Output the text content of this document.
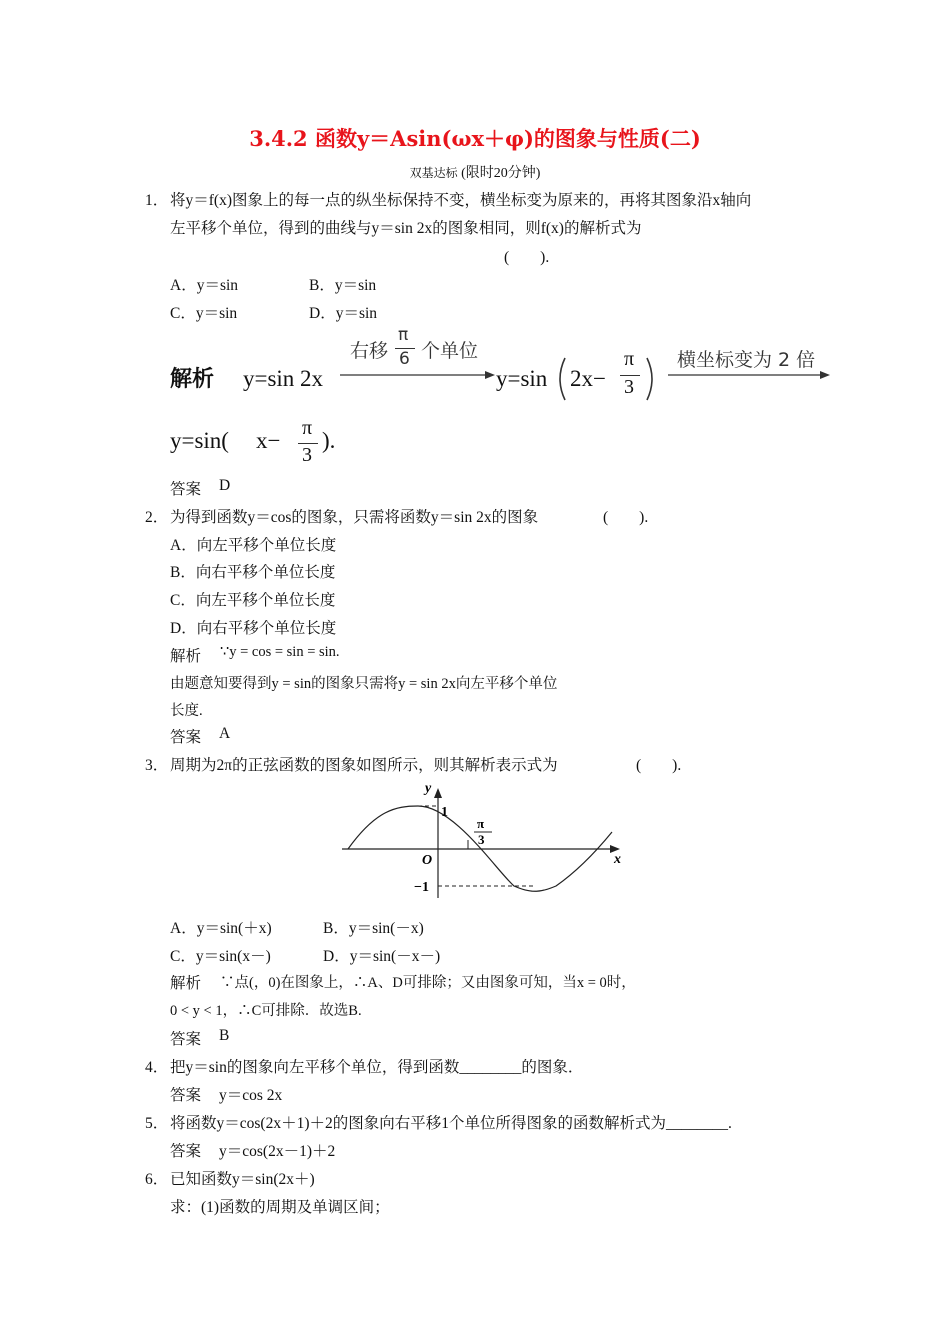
3.4.2 函数y＝Asin(ωx＋φ)的图象与性质(二)
双基达标 (限时20分钟)
1． 将y＝f(x)图象上的每一点的纵坐标保持不变，横坐标变为原来的，再将其图象沿x轴向
左平移个单位，得到的曲线与y＝sin 2x的图象相同，则f(x)的解析式为
(　　).
A．y＝sin	B．y＝sin
C．y＝sin	D．y＝sin
解析 y=sin 2x
右移
π
6 个单位
y=sin 2x−
π
3
横坐标变为 2 倍
y=sin( x− π
3
).
答案 D
2． 为得到函数y＝cos的图象，只需将函数y＝sin 2x的图象	(　　).
A．向左平移个单位长度
B．向右平移个单位长度
C．向左平移个单位长度
D．向右平移个单位长度
解析 ∵y = cos = sin = sin.
由题意知要得到y = sin的图象只需将y = sin 2x向左平移个单位
长度.
答案 A
3． 周期为2π的正弦函数的图象如图所示，则其解析表示式为	(　　).
y
1
π
3
O	x
−1
A．y＝sin(＋x)	B．y＝sin(－x)
C．y＝sin(x－)	D．y＝sin(－x－)
解析 ∵点(，0)在图象上，∴A、D可排除；又由图象可知，当x = 0时，
0 < y < 1，∴C可排除．故选B.
答案 B
4． 把y＝sin的图象向左平移个单位，得到函数________的图象．
答案 y＝cos 2x
5． 将函数y＝cos(2x＋1)＋2的图象向右平移1个单位所得图象的函数解析式为________.
答案 y＝cos(2x－1)＋2
6． 已知函数y＝sin(2x＋)
求：(1)函数的周期及单调区间；
